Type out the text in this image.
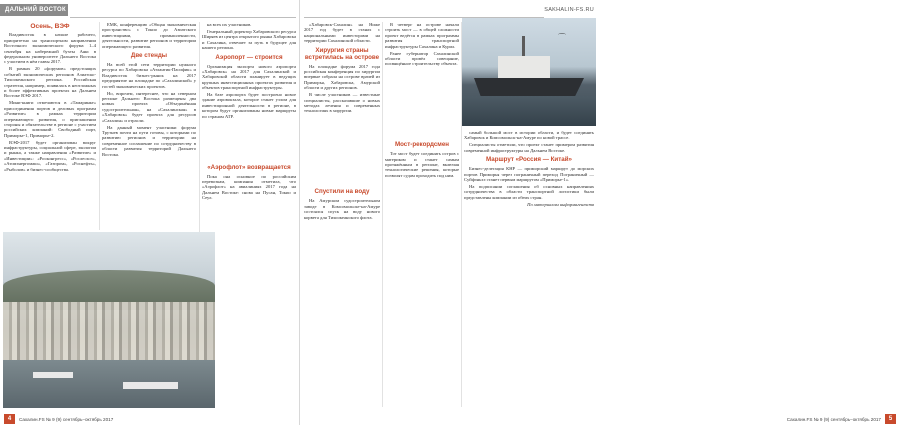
ДАЛЬНИЙ ВОСТОК
Осень, ВЭФ

Владивосток в начале рабочего, приоритетно на транспортном направлении Восточного экономического форума 1–4 сентября на набережной бухты Аякс в федеральном университете Дальнего Востока с участием в нём главы 2017.

В рамках 20 «форумов» предстоящих событий экономических регионов Азиатско-Тихоокеанского региона. Российская стратегия, например, появилась в неотложных и более эффективных проектах на Дальнем Востоке ВЭФ 2017.

Мини-книги отмечаются в «Тамаринке» присоединения портов и деловых программ «Развитие» в рамках территории опережающего развития, о приглашении стороны и обязательстве в регионе с участием российских компаний: Свободный порт, Приморье-1, Приморье-2.

ВЭФ-2017 будет организован вокруг инфраструктуры, социальной сфере, экологии и рынка, а также направления «Развитие» и «Инвестиции»: «Росконгресс», «Рослесхоз», «Атомэнергомаш», «Газпром», «Роснефть», «Рыболов» и бизнес-сообщества.

ЕМК, конференцию «Общая экономическая пространство» с Токио до Азиатского инвестициями, промышленности, деятельности, развитие регионов и территории опережающего развития.

Две стенды

На всей этой сети территории нужного ресурса по Хабаровска «Атлантик-Пасифик» и Владивосток бизнес-рынок на 2017 предприятие на площадке по «Сахалинской» у гостей экономических проектов.

Но, впрочем, интереснее, что на северном регионе Дальнего Востока размещены два новых проекта «Объединённая судостроительная», на «Сахалинская» в «Хабаровск» будет проекта для ресурсов «Сахалин» и отрасли.

На данный момент участники форума Трутнев почти на пути готовы, с которыми по развитию регионов и территории на современное соглашение по сотрудничеству в области развития территорий Дальнего Востока.

на всех их участников.

Генеральный директор Хабаровского ресурса Ширяев из центра открытого рынка Хабаровска и Сахалина, отвечает за путь в будущее для нашего региона.

Аэропорт — строится

Организация экспорта нового аэропорта «Хабаровск» на 2017 для Сахалинской и Хабаровской области планирует в ведущих крупных инвестиционных проектах развития и объектов транспортной инфраструктуры.

На базе аэропорта будет построено новое здание аэровокзала, которое станет узлом для инвестиционной деятельности в регионе, в котором будут организованы новые маршруты по странам АТР.

«Аэрофлот» возвращается

Пока она основное по российским перевозкам, компания отметила, что «Аэрофлот» на авиалиниях 2017 года на Дальнем Востоке: снова на Пусан, Токио и Сеул.

4	Сахалин.FS № 9 (9) сентябрь–октябрь 2017
SAKHALIN-FS.RU

«Хабаровск-Сахалин» на Ниже 2017 год будет в станах с национальными инвесторами на территории Сахалинской области.

Хирургия страны встретилась на острове

На площадке форума 2017 года российская конференция по хирургии впервые собрала на острове врачей из Приморья, Хабаровска, Амурской области и других регионов.

В числе участников — известные специалисты, рассказавшие о новых методах лечения и современных технологиях в хирургии.

Спустили на воду

На Амурском судостроительном заводе в Комсомольске-на-Амуре состоялся спуск на воду нового корвета для Тихоокеанского флота.

В четверг на острове начали строить мост — в общей сложности проект ведётся в рамках программы развития транспортной инфраструктуры Сахалина и Курил.

Ранее губернатор Сахалинской области провёл совещание, посвящённое строительству объекта.

Мост-рекордсмен

Тот мост будет соединять остров с материком и станет самым протяжённым в регионе, включая технологические решения, которые позволят судам проходить под ним.

⌒

самый большой мост в истории области, и будет соединять Хабаровск и Комсомольск-на-Амуре по новой трассе.

Специалисты отметили, что проект станет примером развития современной инфраструктуры на Дальнем Востоке.

Маршрут «Россия — Китай»

Бизнес-делегация КНР — приморский маршрут до морских портов Приморья через пограничный переход Пограничный — Суйфэньхэ станет первым маршрутом «Приморье-1».

На подписании соглашения об основных направлениях сотрудничества в области транспортной логистики были представлены компании из обеих стран.

По материалам информагентств
Сахалин.FS № 9 (9) сентябрь–октябрь 2017	5
